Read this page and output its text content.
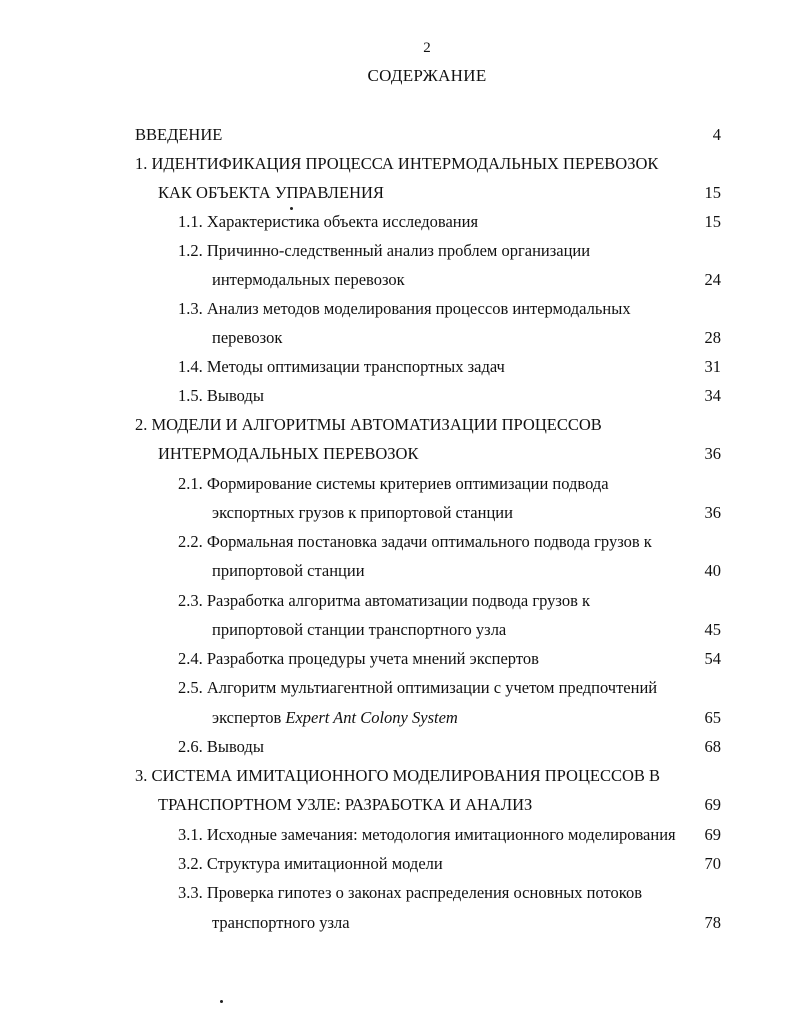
2
СОДЕРЖАНИЕ
ВВЕДЕНИЕ	4
1. ИДЕНТИФИКАЦИЯ ПРОЦЕССА ИНТЕРМОДАЛЬНЫХ ПЕРЕВОЗОК
КАК ОБЪЕКТА УПРАВЛЕНИЯ	15
1.1. Характеристика объекта исследования	15
1.2. Причинно-следственный анализ проблем организации
интермодальных перевозок	24
1.3. Анализ методов моделирования процессов интермодальных
перевозок	28
1.4. Методы оптимизации транспортных задач	31
1.5. Выводы	34
2. МОДЕЛИ И АЛГОРИТМЫ АВТОМАТИЗАЦИИ ПРОЦЕССОВ
ИНТЕРМОДАЛЬНЫХ ПЕРЕВОЗОК	36
2.1. Формирование системы критериев оптимизации подвода
экспортных грузов к припортовой станции	36
2.2. Формальная постановка задачи оптимального подвода грузов к
припортовой станции	40
2.3. Разработка алгоритма автоматизации подвода грузов к
припортовой станции транспортного узла	45
2.4. Разработка процедуры учета мнений экспертов	54
2.5. Алгоритм мультиагентной оптимизации с учетом предпочтений
экспертов Expert Ant Colony System	65
2.6. Выводы	68
3. СИСТЕМА ИМИТАЦИОННОГО МОДЕЛИРОВАНИЯ ПРОЦЕССОВ В
ТРАНСПОРТНОМ УЗЛЕ: РАЗРАБОТКА И АНАЛИЗ	69
3.1. Исходные замечания: методология имитационного моделирования 69
3.2. Структура имитационной модели	70
3.3. Проверка гипотез о законах распределения основных потоков
транспортного узла	78
